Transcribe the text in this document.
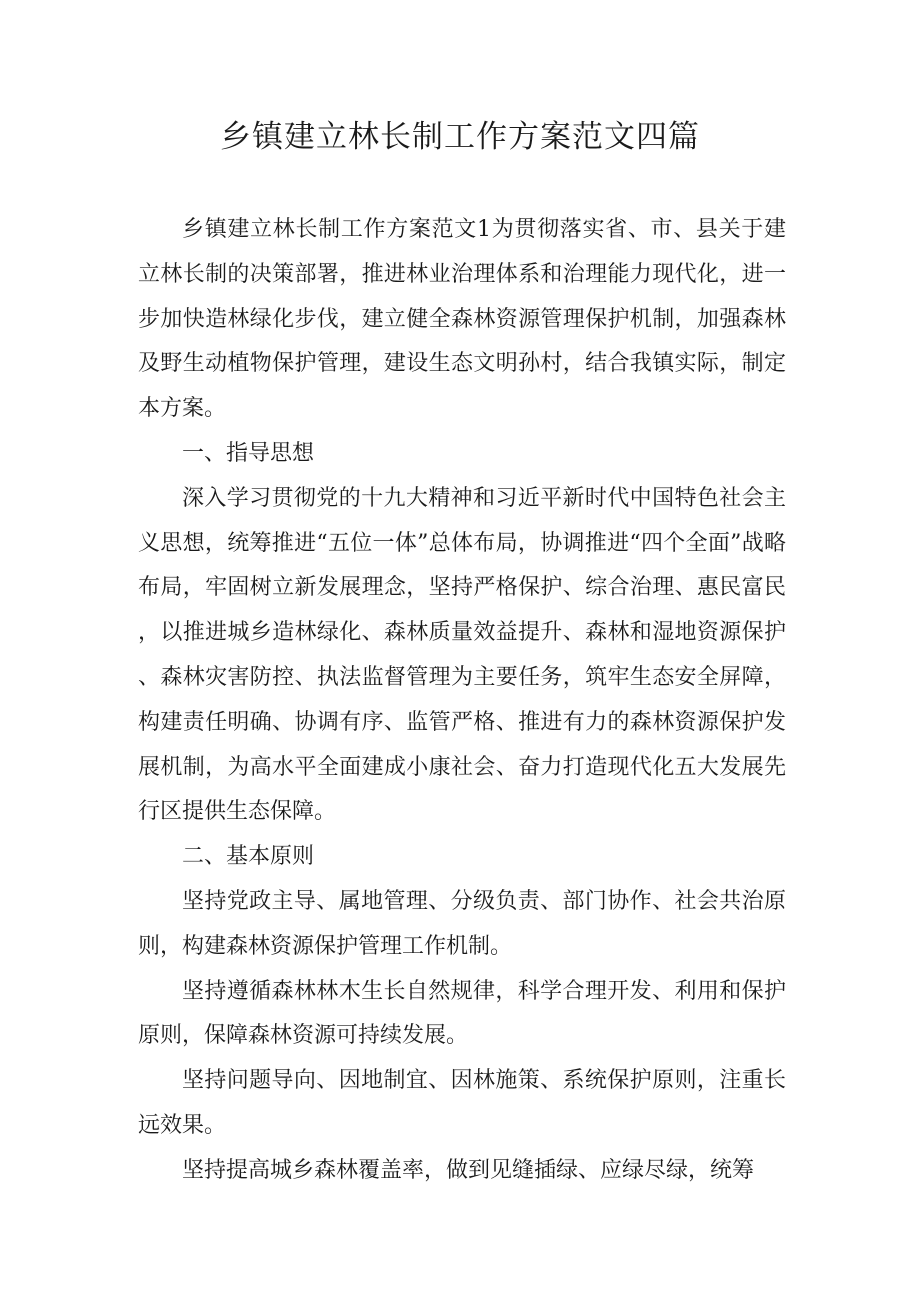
乡镇建立林长制工作方案范文四篇

乡镇建立林长制工作方案范文1为贯彻落实省、市、县关于建立林长制的决策部署，推进林业治理体系和治理能力现代化，进一步加快造林绿化步伐，建立健全森林资源管理保护机制，加强森林及野生动植物保护管理，建设生态文明孙村，结合我镇实际，制定本方案。

一、指导思想

深入学习贯彻党的十九大精神和习近平新时代中国特色社会主义思想，统筹推进“五位一体”总体布局，协调推进“四个全面”战略布局，牢固树立新发展理念，坚持严格保护、综合治理、惠民富民，以推进城乡造林绿化、森林质量效益提升、森林和湿地资源保护、森林灾害防控、执法监督管理为主要任务，筑牢生态安全屏障，构建责任明确、协调有序、监管严格、推进有力的森林资源保护发展机制，为高水平全面建成小康社会、奋力打造现代化五大发展先行区提供生态保障。

二、基本原则

坚持党政主导、属地管理、分级负责、部门协作、社会共治原则，构建森林资源保护管理工作机制。

坚持遵循森林林木生长自然规律，科学合理开发、利用和保护原则，保障森林资源可持续发展。

坚持问题导向、因地制宜、因林施策、系统保护原则，注重长远效果。

坚持提高城乡森林覆盖率，做到见缝插绿、应绿尽绿，统筹
